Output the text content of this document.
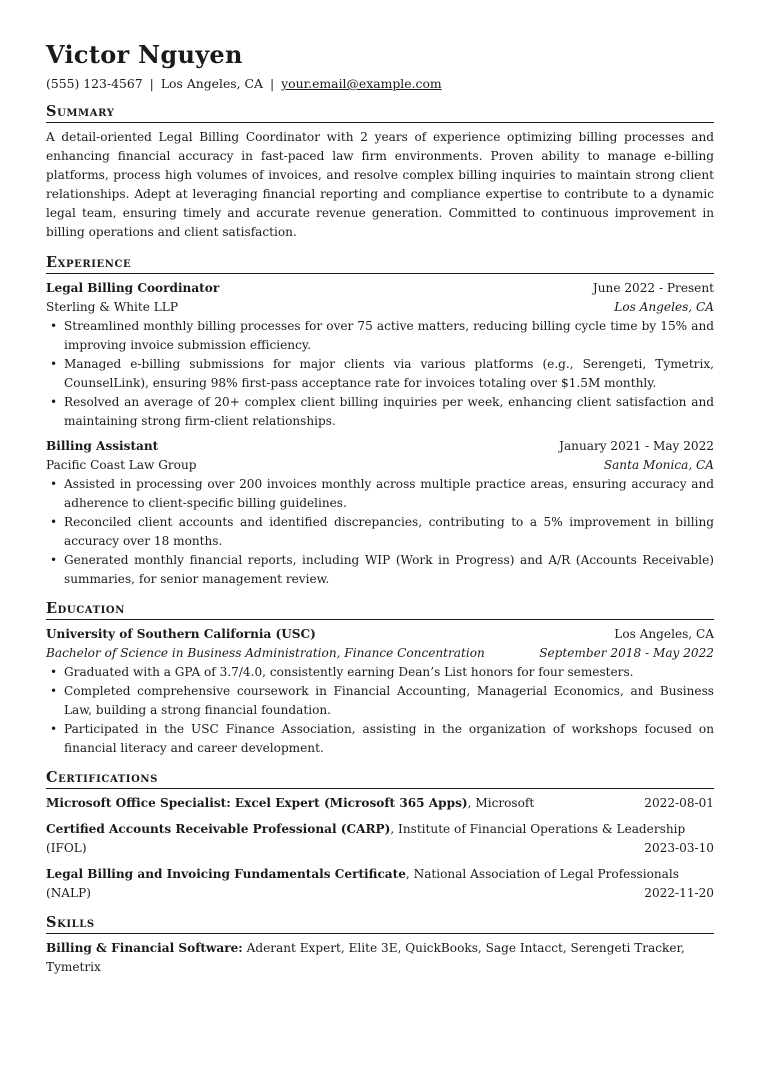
Victor Nguyen
(555) 123-4567 | Los Angeles, CA | your.email@example.com
Summary
A detail-oriented Legal Billing Coordinator with 2 years of experience optimizing billing processes and enhancing financial accuracy in fast-paced law firm environments. Proven ability to manage e-billing platforms, process high volumes of invoices, and resolve complex billing inquiries to maintain strong client relationships. Adept at leveraging financial reporting and compliance expertise to contribute to a dynamic legal team, ensuring timely and accurate revenue generation. Committed to continuous improvement in billing operations and client satisfaction.
Experience
Legal Billing Coordinator	June 2022 - Present
Sterling & White LLP	Los Angeles, CA
• Streamlined monthly billing processes for over 75 active matters, reducing billing cycle time by 15% and improving invoice submission efficiency.
• Managed e-billing submissions for major clients via various platforms (e.g., Serengeti, Tymetrix, CounselLink), ensuring 98% first-pass acceptance rate for invoices totaling over $1.5M monthly.
• Resolved an average of 20+ complex client billing inquiries per week, enhancing client satisfaction and maintaining strong firm-client relationships.
Billing Assistant	January 2021 - May 2022
Pacific Coast Law Group	Santa Monica, CA
• Assisted in processing over 200 invoices monthly across multiple practice areas, ensuring accuracy and adherence to client-specific billing guidelines.
• Reconciled client accounts and identified discrepancies, contributing to a 5% improvement in billing accuracy over 18 months.
• Generated monthly financial reports, including WIP (Work in Progress) and A/R (Accounts Receivable) summaries, for senior management review.
Education
University of Southern California (USC)	Los Angeles, CA
Bachelor of Science in Business Administration, Finance Concentration	September 2018 - May 2022
• Graduated with a GPA of 3.7/4.0, consistently earning Dean’s List honors for four semesters.
• Completed comprehensive coursework in Financial Accounting, Managerial Economics, and Business Law, building a strong financial foundation.
• Participated in the USC Finance Association, assisting in the organization of workshops focused on financial literacy and career development.
Certifications
Microsoft Office Specialist: Excel Expert (Microsoft 365 Apps), Microsoft	2022-08-01
Certified Accounts Receivable Professional (CARP), Institute of Financial Operations & Leadership
(IFOL)	2023-03-10
Legal Billing and Invoicing Fundamentals Certificate, National Association of Legal Professionals
(NALP)	2022-11-20
Skills
Billing & Financial Software: Aderant Expert, Elite 3E, QuickBooks, Sage Intacct, Serengeti Tracker, Tymetrix
